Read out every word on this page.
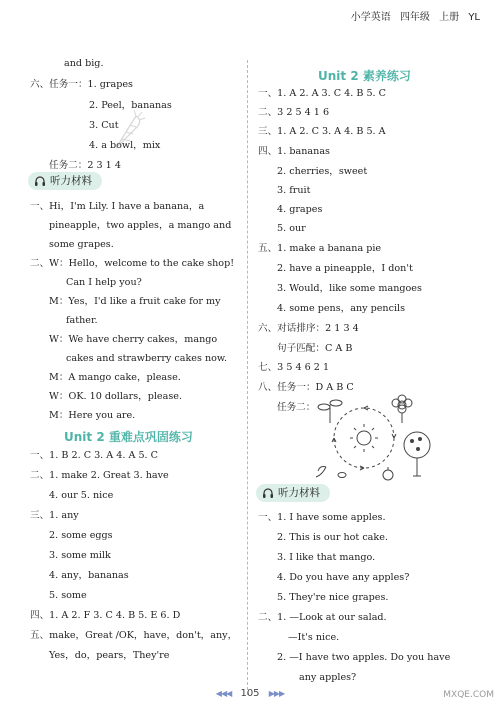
小学英语 四年级 上册 YL
and big.
六、任务一：1. grapes
2. Peel，bananas
3. Cut
4. a bowl，mix
任务二：2 3 1 4
听力材料
一、Hi，I'm Lily. I have a banana，a
pineapple，two apples，a mango and
some grapes.
二、W：Hello，welcome to the cake shop!
Can I help you?
M：Yes，I'd like a fruit cake for my
father.
W：We have cherry cakes，mango
cakes and strawberry cakes now.
M：A mango cake，please.
W：OK. 10 dollars，please.
M：Here you are.
Unit 2 重难点巩固练习
一、1. B 2. C 3. A 4. A 5. C
二、1. make 2. Great 3. have
4. our 5. nice
三、1. any
2. some eggs
3. some milk
4. any，bananas
5. some
四、1. A 2. F 3. C 4. B 5. E 6. D
五、make，Great /OK，have，don't，any，
Yes，do，pears，They're
Unit 2 素养练习
一、1. A 2. A 3. C 4. B 5. C
二、3 2 5 4 1 6
三、1. A 2. C 3. A 4. B 5. A
四、1. bananas
2. cherries，sweet
3. fruit
4. grapes
5. our
五、1. make a banana pie
2. have a pineapple，I don't
3. Would，like some mangoes
4. some pens，any pencils
六、对话排序：2 1 3 4
句子匹配：C A B
七、3 5 4 6 2 1
八、任务一：D A B C
任务二：
听力材料
一、1. I have some apples.
2. This is our hot cake.
3. I like that mango.
4. Do you have any apples?
5. They're nice grapes.
二、1. —Look at our salad.
—It's nice.
2. —I have two apples. Do you have
any apples?
◀◀◀ 105 ▶▶▶	MXQE.COM
